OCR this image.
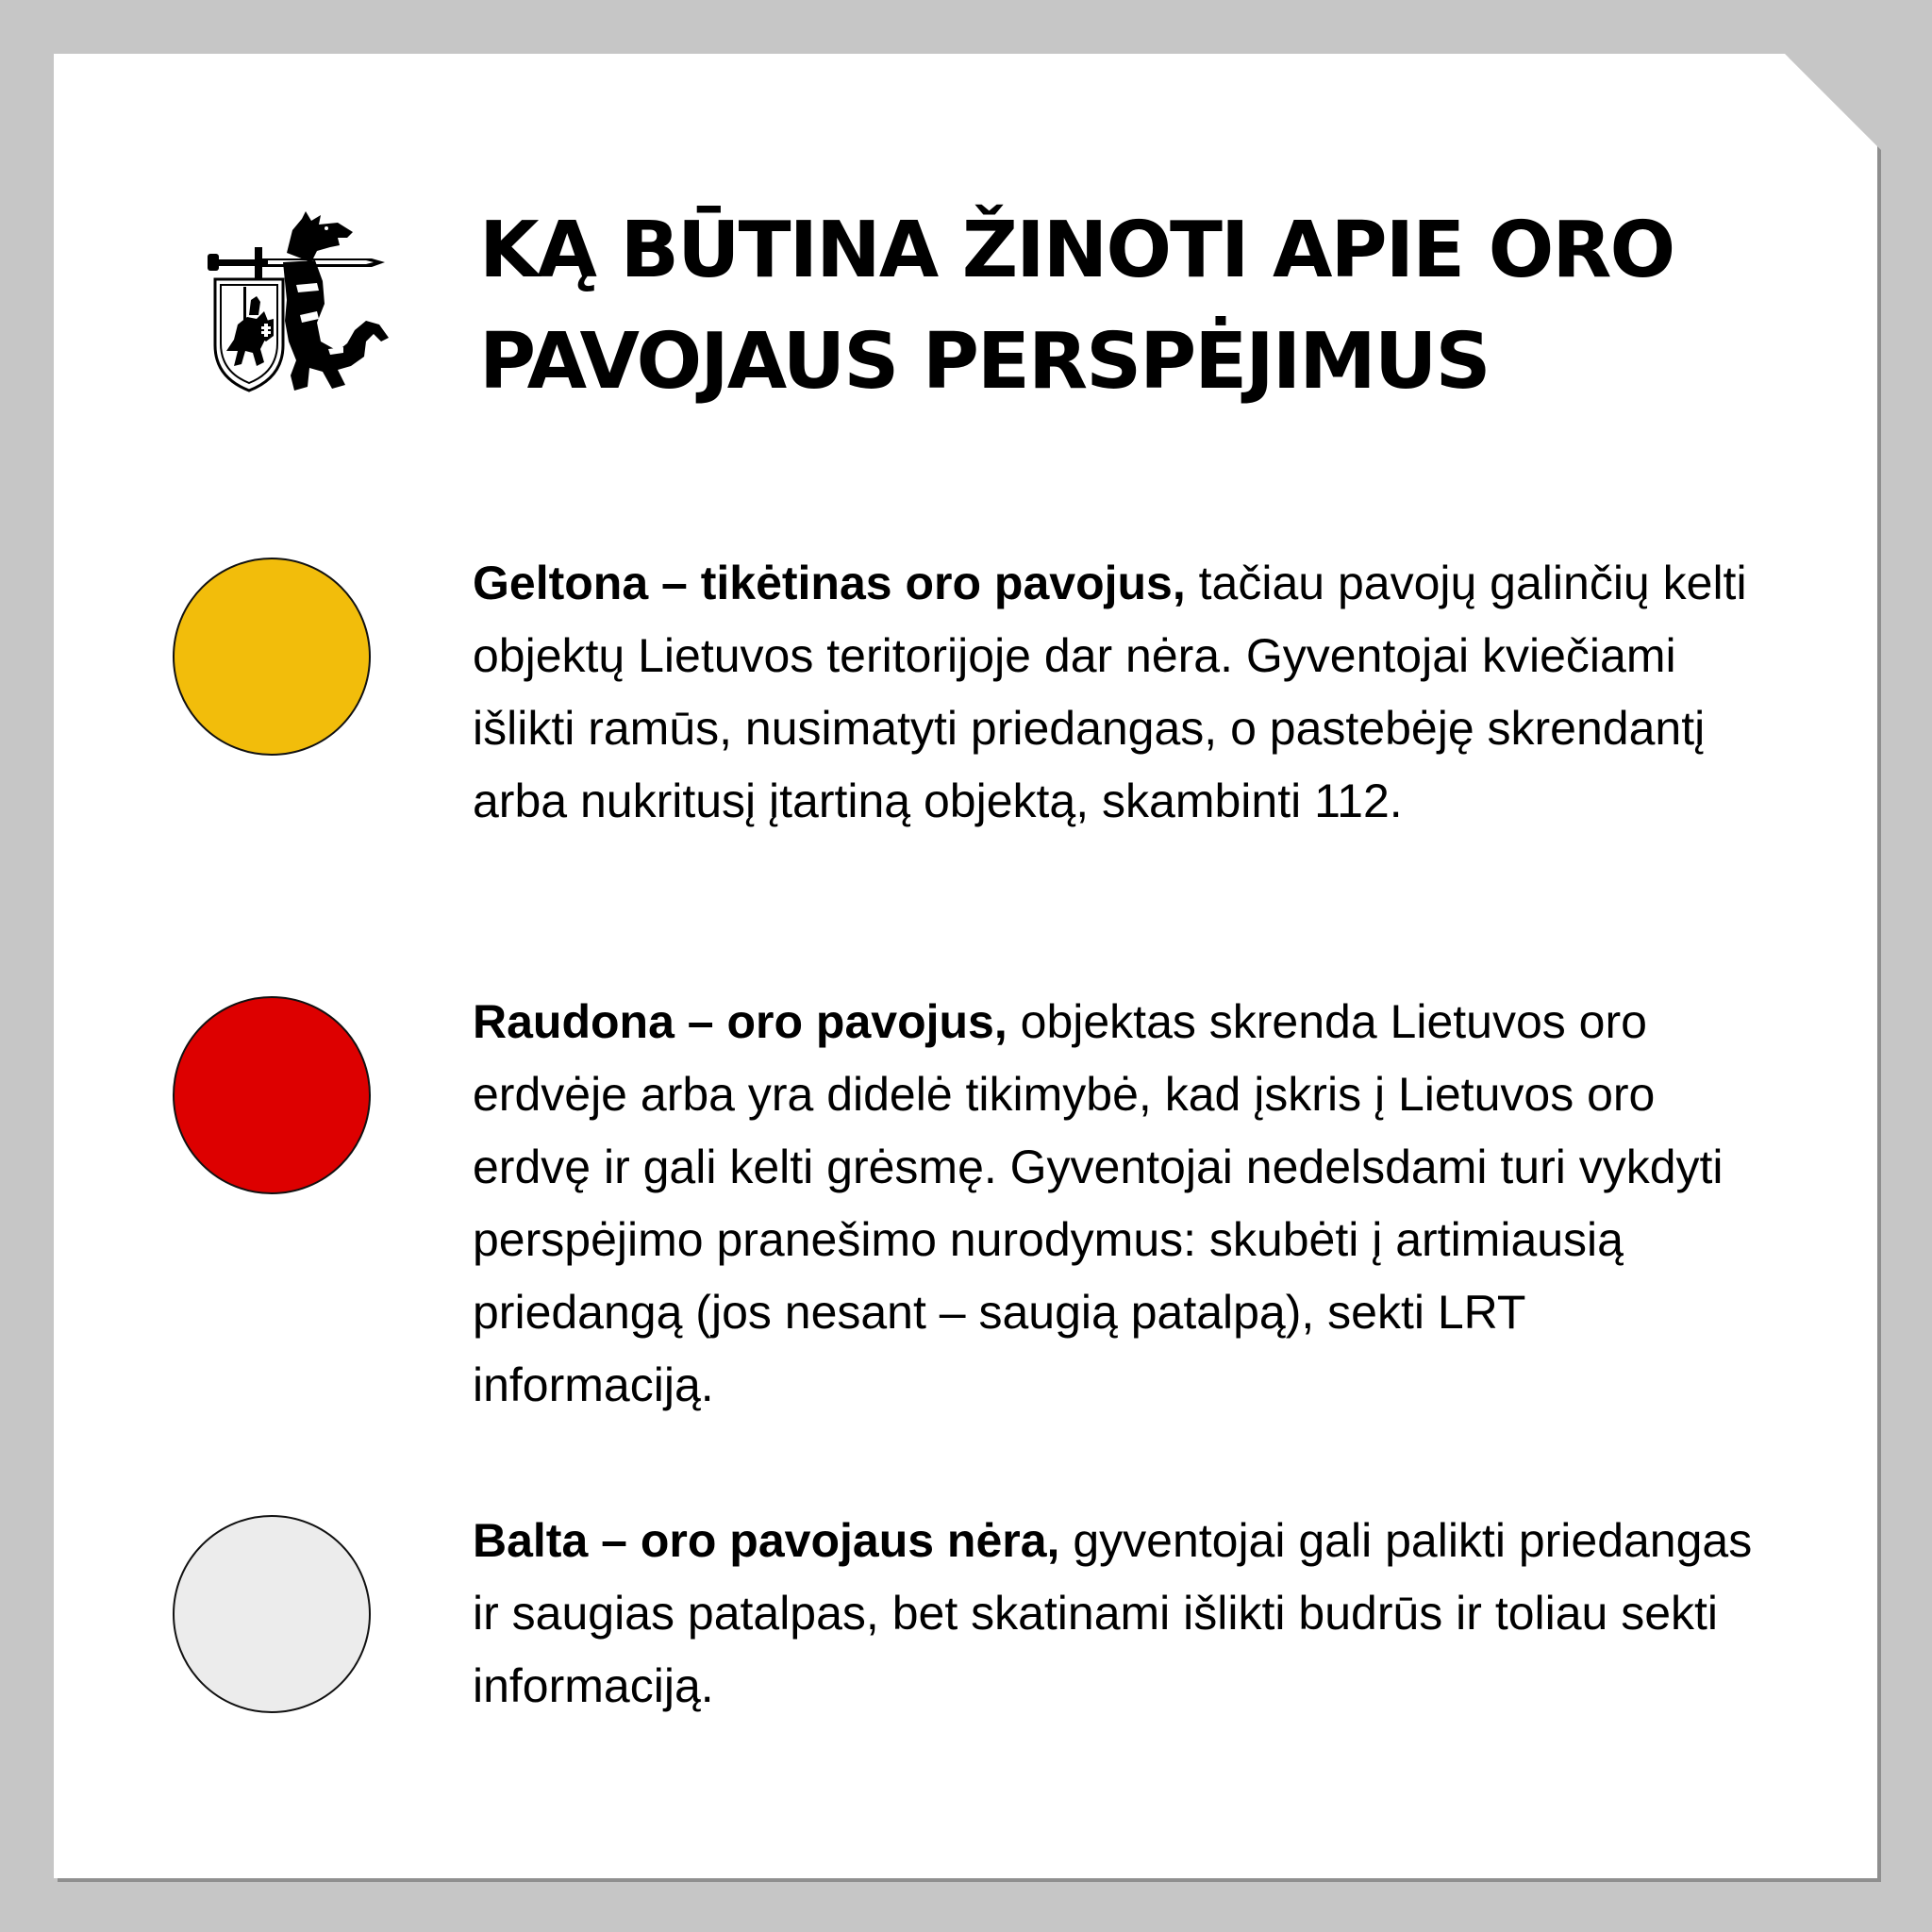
KĄ BŪTINA ŽINOTI APIE ORO PAVOJAUS PERSPĖJIMUS

Geltona – tikėtinas oro pavojus, tačiau pavojų galinčių kelti objektų Lietuvos teritorijoje dar nėra. Gyventojai kviečiami išlikti ramūs, nusimatyti priedangas, o pastebėję skrendantį arba nukritusį įtartiną objektą, skambinti 112.

Raudona – oro pavojus, objektas skrenda Lietuvos oro erdvėje arba yra didelė tikimybė, kad įskris į Lietuvos oro erdvę ir gali kelti grėsmę. Gyventojai nedelsdami turi vykdyti perspėjimo pranešimo nurodymus: skubėti į artimiausią priedangą (jos nesant – saugią patalpą), sekti LRT informaciją.

Balta – oro pavojaus nėra, gyventojai gali palikti priedangas ir saugias patalpas, bet skatinami išlikti budrūs ir toliau sekti informaciją.
